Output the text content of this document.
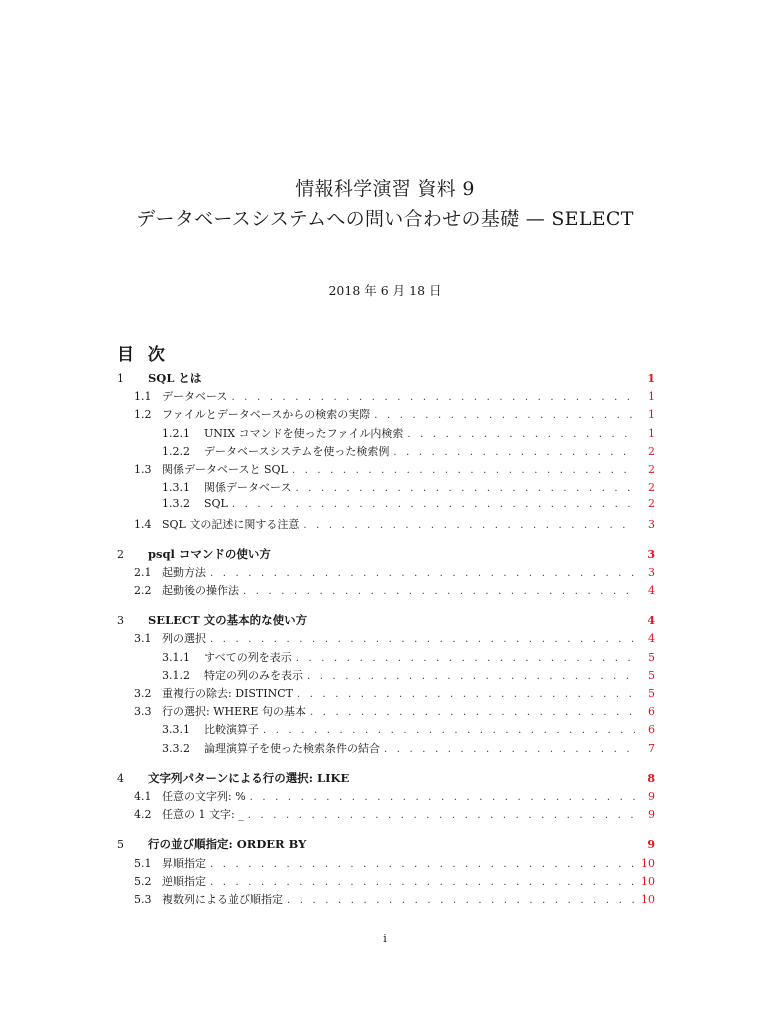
情報科学演習 資料 9
データベースシステムへの問い合わせの基礎 — SELECT
2018 年 6 月 18 日
目 次
1	SQL とは	1
1.1 データベース . . .	1
1.2 ファイルとデータベースからの検索の実際 . . .	1
1.2.1	UNIX コマンドを使ったファイル内検索 . . .	1
1.2.2	データベースシステムを使った検索例 . . .	2
1.3 関係データベースと SQL . . .	2
1.3.1	関係データベース . . .	2
1.3.2	SQL . . .	2
1.4 SQL 文の記述に関する注意 . . .	3
2	psql コマンドの使い方	3
2.1 起動方法 . . .	3
2.2 起動後の操作法 . . .	4
3	SELECT 文の基本的な使い方	4
3.1 列の選択 . . .	4
3.1.1	すべての列を表示 . . .	5
3.1.2	特定の列のみを表示 . . .	5
3.2 重複行の除去: DISTINCT . . .	5
3.3 行の選択: WHERE 句の基本 . . .	6
3.3.1	比較演算子 . . .	6
3.3.2	論理演算子を使った検索条件の結合 . . .	7
4	文字列パターンによる行の選択: LIKE	8
4.1 任意の文字列: % . . .	9
4.2 任意の 1 文字: _ . . .	9
5	行の並び順指定: ORDER BY	9
5.1 昇順指定 . . .	10
5.2 逆順指定 . . .	10
5.3 複数列による並び順指定 . . .	10
i
